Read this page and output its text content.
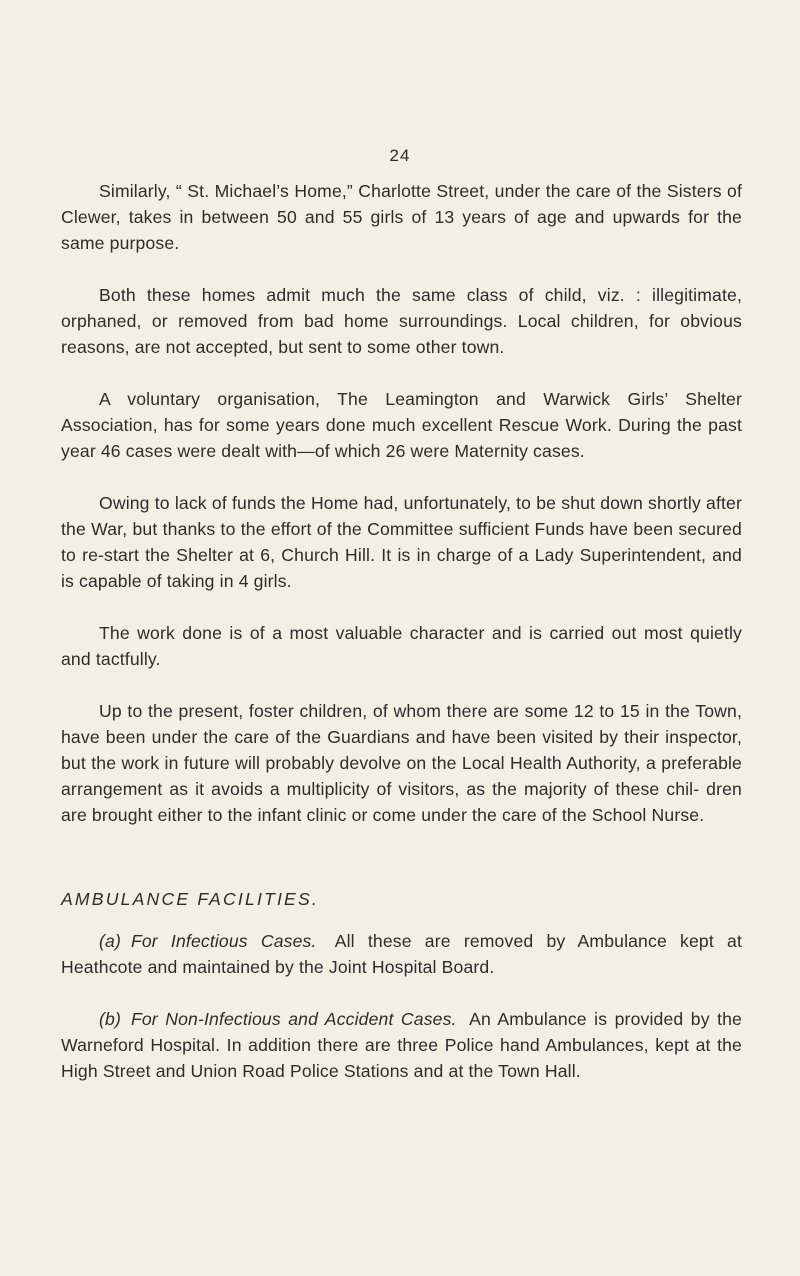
24

Similarly, “ St. Michael’s Home,” Charlotte Street, under the care of the Sisters of Clewer, takes in between 50 and 55 girls of 13 years of age and upwards for the same purpose.

Both these homes admit much the same class of child, viz. : illegitimate, orphaned, or removed from bad home surroundings. Local children, for obvious reasons, are not accepted, but sent to some other town.

A voluntary organisation, The Leamington and Warwick Girls’ Shelter Association, has for some years done much excellent Rescue Work. During the past year 46 cases were dealt with—of which 26 were Maternity cases.

Owing to lack of funds the Home had, unfortunately, to be shut down shortly after the War, but thanks to the effort of the Committee sufficient Funds have been secured to re-start the Shelter at 6, Church Hill. It is in charge of a Lady Superintendent, and is capable of taking in 4 girls.

The work done is of a most valuable character and is carried out most quietly and tactfully.

Up to the present, foster children, of whom there are some 12 to 15 in the Town, have been under the care of the Guardians and have been visited by their inspector, but the work in future will probably devolve on the Local Health Authority, a preferable arrangement as it avoids a multiplicity of visitors, as the majority of these chil- dren are brought either to the infant clinic or come under the care of the School Nurse.

AMBULANCE FACILITIES.

(a) For Infectious Cases. All these are removed by Ambulance kept at Heathcote and maintained by the Joint Hospital Board.

(b) For Non-Infectious and Accident Cases. An Ambulance is provided by the Warneford Hospital. In addition there are three Police hand Ambulances, kept at the High Street and Union Road Police Stations and at the Town Hall.
